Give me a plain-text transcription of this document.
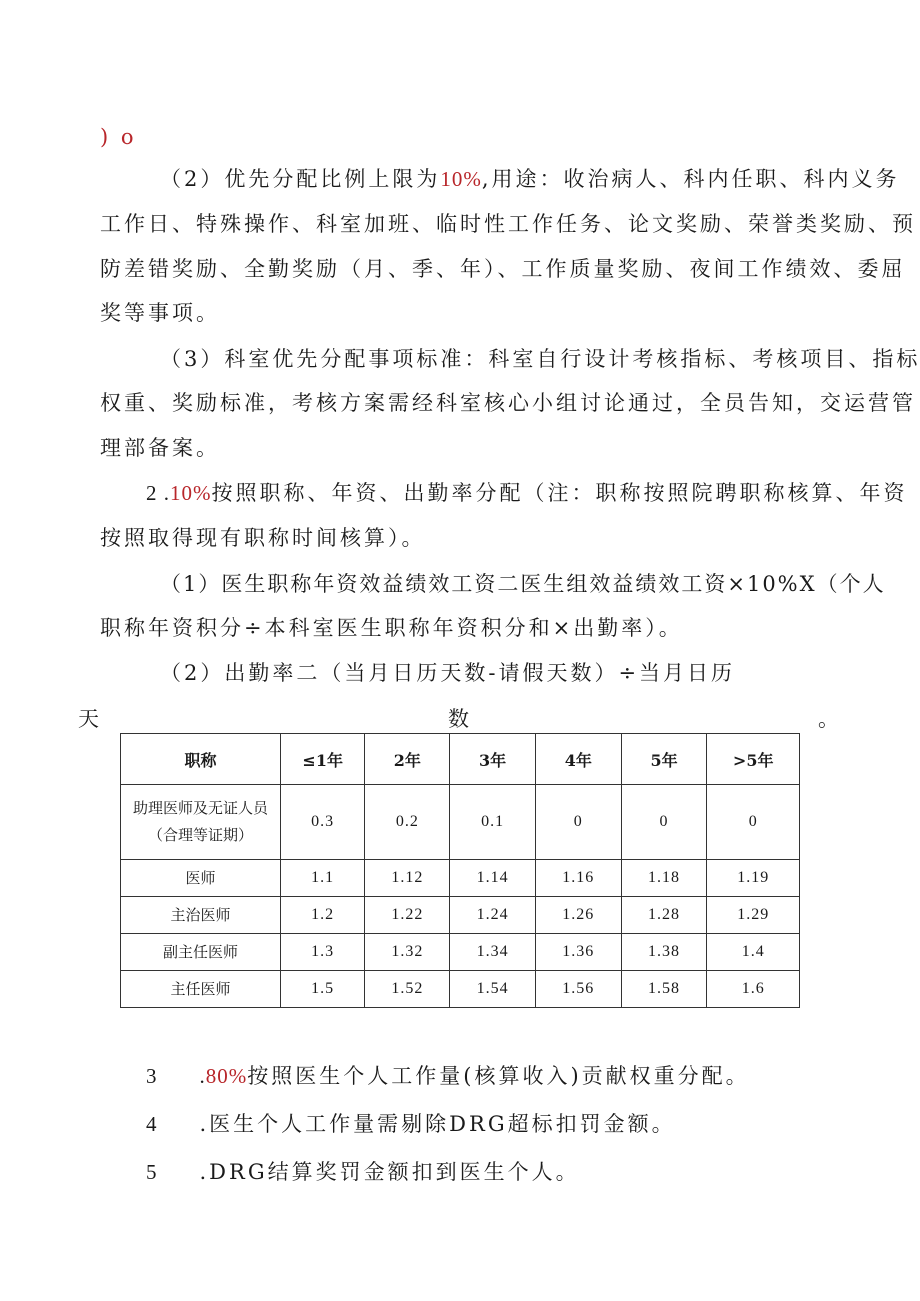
) o
（2）优先分配比例上限为10%,用途：收治病人、科内任职、科内义务
工作日、特殊操作、科室加班、临时性工作任务、论文奖励、荣誉类奖励、预
防差错奖励、全勤奖励（月、季、年）、工作质量奖励、夜间工作绩效、委屈
奖等事项。
（3）科室优先分配事项标准：科室自行设计考核指标、考核项目、指标
权重、奖励标准，考核方案需经科室核心小组讨论通过，全员告知，交运营管
理部备案。
2 .10%按照职称、年资、出勤率分配（注：职称按照院聘职称核算、年资
按照取得现有职称时间核算）。
（1）医生职称年资效益绩效工资二医生组效益绩效工资×10%X（个人
职称年资积分÷本科室医生职称年资积分和×出勤率）。
（2）出勤率二（当月日历天数-请假天数）÷当月日历
天	数	。
职称	≤1年	2年	3年	4年	5年	>5年

助理医师及无证人员
（合理等证期）	0.3	0.2	0.1	0	0	0
医师	1.1	1.12	1.14	1.16	1.18	1.19
主治医师	1.2	1.22	1.24	1.26	1.28	1.29
副主任医师	1.3	1.32	1.34	1.36	1.38	1.4
主任医师	1.5	1.52	1.54	1.56	1.58	1.6
3 .80%按照医生个人工作量(核算收入)贡献权重分配。
4 .医生个人工作量需剔除DRG超标扣罚金额。
5 .DRG结算奖罚金额扣到医生个人。
